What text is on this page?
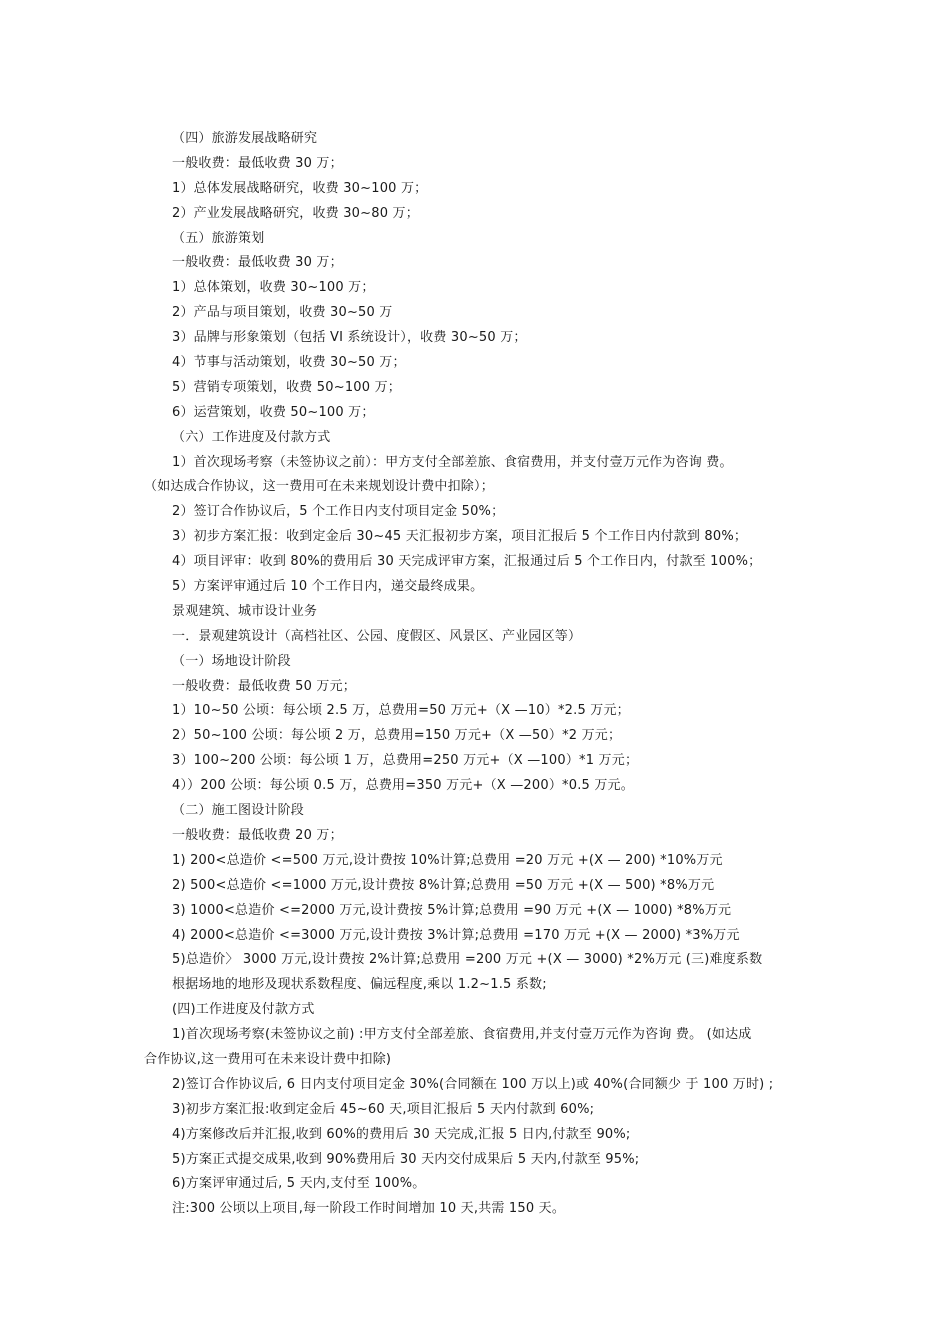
（四）旅游发展战略研究
一般收费：最低收费 30 万；
1）总体发展战略研究，收费 30~100 万；
2）产业发展战略研究，收费 30~80 万；
（五）旅游策划
一般收费：最低收费 30 万；
1）总体策划，收费 30~100 万；
2）产品与项目策划，收费 30~50 万
3）品牌与形象策划（包括 VI 系统设计），收费 30~50 万；
4）节事与活动策划，收费 30~50 万；
5）营销专项策划，收费 50~100 万；
6）运营策划，收费 50~100 万；
（六）工作进度及付款方式
1）首次现场考察（未签协议之前）：甲方支付全部差旅、食宿费用，并支付壹万元作为咨询 费。
（如达成合作协议，这一费用可在未来规划设计费中扣除）；
2）签订合作协议后，5 个工作日内支付项目定金 50%；
3）初步方案汇报：收到定金后 30~45 天汇报初步方案，项目汇报后 5 个工作日内付款到 80%；
4）项目评审：收到 80%的费用后 30 天完成评审方案，汇报通过后 5 个工作日内，付款至 100%；
5）方案评审通过后 10 个工作日内，递交最终成果。
景观建筑、城市设计业务
一．景观建筑设计（高档社区、公园、度假区、风景区、产业园区等）
（一）场地设计阶段
一般收费：最低收费 50 万元；
1）10~50 公顷：每公顷 2.5 万，总费用=50 万元+（X —10）*2.5 万元；
2）50~100 公顷：每公顷 2 万，总费用=150 万元+（X —50）*2 万元；
3）100~200 公顷：每公顷 1 万，总费用=250 万元+（X —100）*1 万元；
4））200 公顷：每公顷 0.5 万，总费用=350 万元+（X —200）*0.5 万元。
（二）施工图设计阶段
一般收费：最低收费 20 万；
1) 200<总造价 <=500 万元,设计费按 10%计算;总费用 =20 万元 +(X — 200) *10%万元
2) 500<总造价 <=1000 万元,设计费按 8%计算;总费用 =50 万元 +(X — 500) *8%万元
3) 1000<总造价 <=2000 万元,设计费按 5%计算;总费用 =90 万元 +(X — 1000) *8%万元
4) 2000<总造价 <=3000 万元,设计费按 3%计算;总费用 =170 万元 +(X — 2000) *3%万元
5)总造价〉 3000 万元,设计费按 2%计算;总费用 =200 万元 +(X — 3000) *2%万元 (三)难度系数
根据场地的地形及现状系数程度、偏远程度,乘以 1.2~1.5 系数;
(四)工作进度及付款方式
1)首次现场考察(未签协议之前) :甲方支付全部差旅、食宿费用,并支付壹万元作为咨询 费。 (如达成
合作协议,这一费用可在未来设计费中扣除)
2)签订合作协议后, 6 日内支付项目定金 30%(合同额在 100 万以上)或 40%(合同额少 于 100 万时) ;
3)初步方案汇报:收到定金后 45~60 天,项目汇报后 5 天内付款到 60%;
4)方案修改后并汇报,收到 60%的费用后 30 天完成,汇报 5 日内,付款至 90%;
5)方案正式提交成果,收到 90%费用后 30 天内交付成果后 5 天内,付款至 95%;
6)方案评审通过后, 5 天内,支付至 100%。
注:300 公顷以上项目,每一阶段工作时间增加 10 天,共需 150 天。
